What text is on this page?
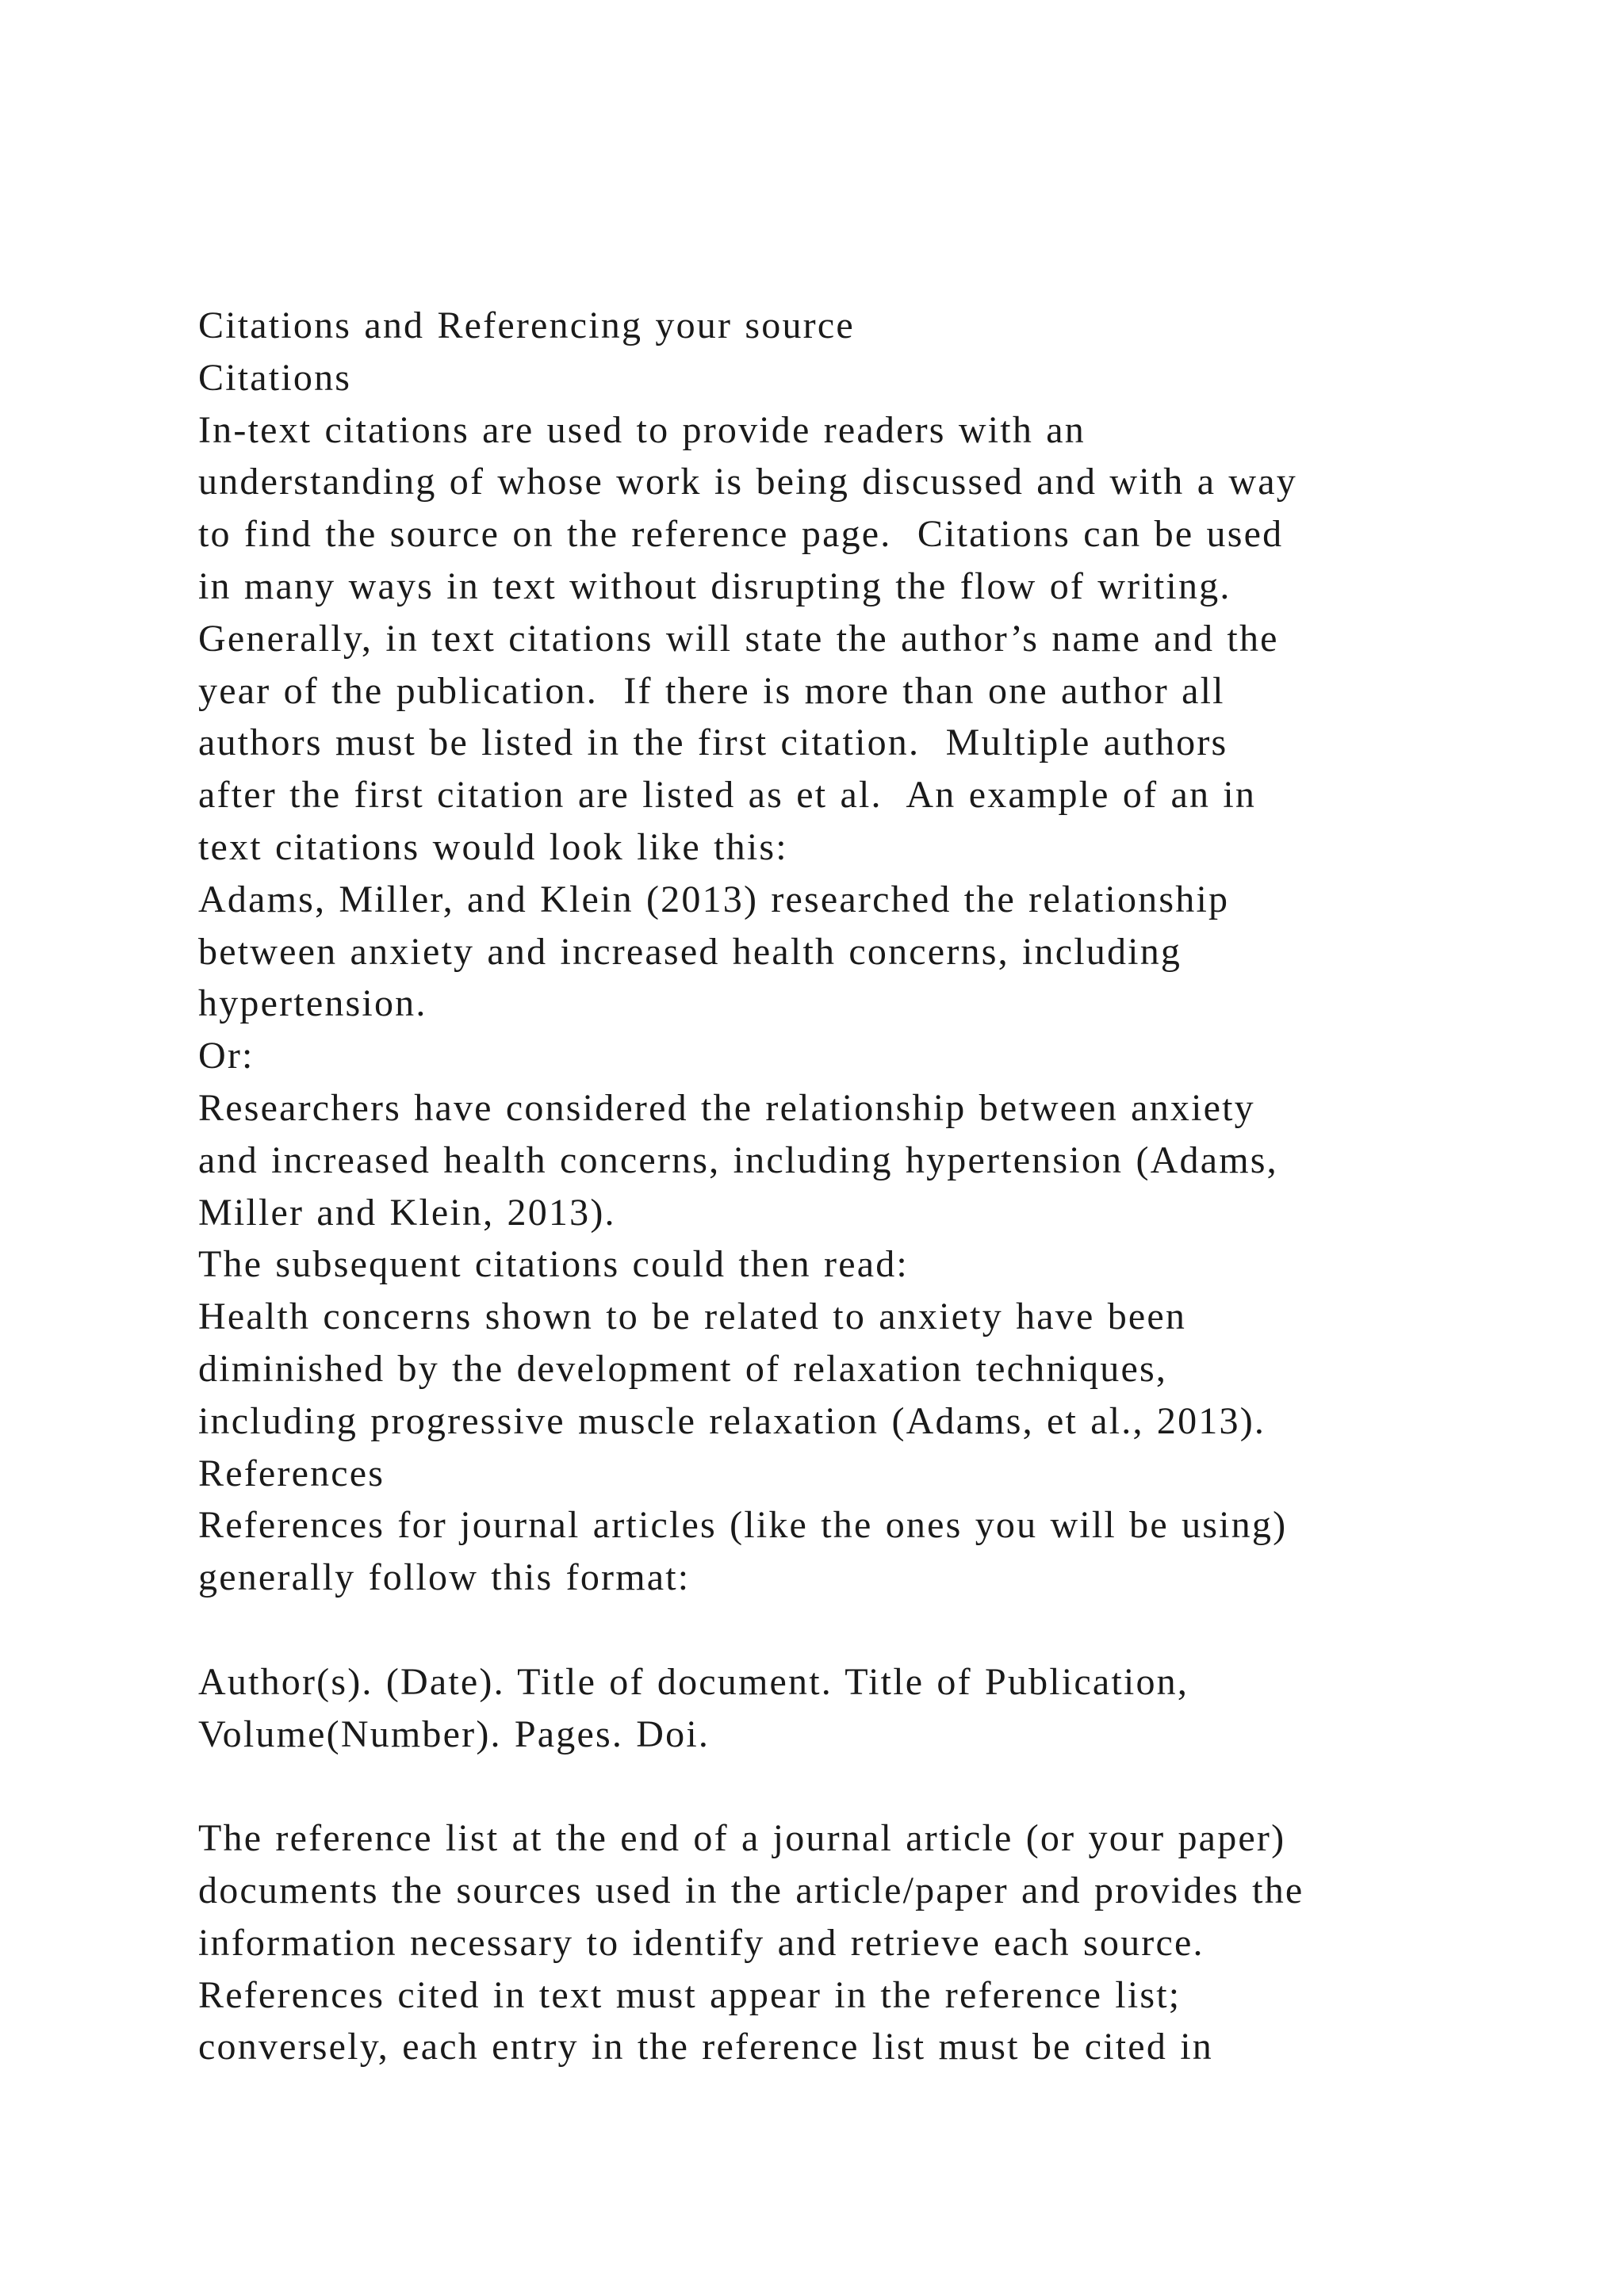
Citations and Referencing your source
Citations
In-text citations are used to provide readers with an
understanding of whose work is being discussed and with a way
to find the source on the reference page.  Citations can be used
in many ways in text without disrupting the flow of writing.
Generally, in text citations will state the author’s name and the
year of the publication.  If there is more than one author all
authors must be listed in the first citation.  Multiple authors
after the first citation are listed as et al.  An example of an in
text citations would look like this:
Adams, Miller, and Klein (2013) researched the relationship
between anxiety and increased health concerns, including
hypertension.
Or:
Researchers have considered the relationship between anxiety
and increased health concerns, including hypertension (Adams,
Miller and Klein, 2013).
The subsequent citations could then read:
Health concerns shown to be related to anxiety have been
diminished by the development of relaxation techniques,
including progressive muscle relaxation (Adams, et al., 2013).
References
References for journal articles (like the ones you will be using)
generally follow this format:
Author(s). (Date). Title of document. Title of Publication,
Volume(Number). Pages. Doi.
The reference list at the end of a journal article (or your paper)
documents the sources used in the article/paper and provides the
information necessary to identify and retrieve each source.
References cited in text must appear in the reference list;
conversely, each entry in the reference list must be cited in
